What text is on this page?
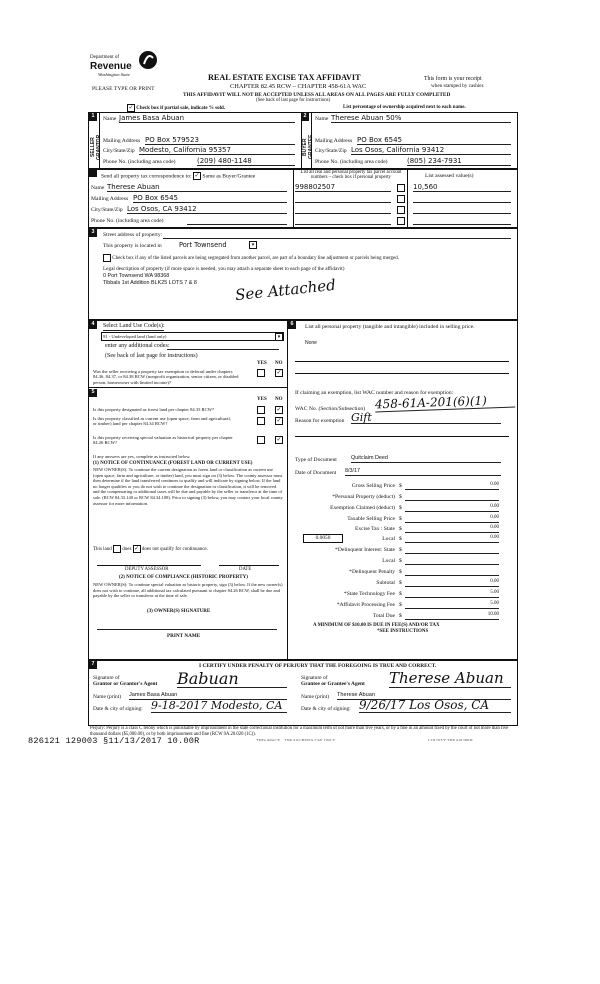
Department of
Revenue
Washington State
PLEASE TYPE OR PRINT
REAL ESTATE EXCISE TAX AFFIDAVIT
CHAPTER 82.45 RCW – CHAPTER 458-61A WAC
THIS AFFIDAVIT WILL NOT BE ACCEPTED UNLESS ALL AREAS ON ALL PAGES ARE FULLY COMPLETED
(See back of last page for instructions)
This form is your receipt
when stamped by cashier.
✓ Check box if partial sale, indicate % sold.	List percentage of ownership acquired next to each name.
1	2
SELLER GRANTOR	BUYER GRANTEE
Name James Basa Abuan
Mailing Address PO Box 579523
City/State/Zip Modesto, California 95357
Phone No. (including area code)	(209) 480-1148
Name Therese Abuan 50%
Mailing Address PO Box 6545
City/State/Zip Los Osos, California 93412
Phone No. (including area code)	(805) 234-7931
Send all property tax correspondence to: ✓ Same as Buyer/Grantee
Name Therese Abuan
Mailing Address PO Box 6545
City/State/Zip Los Osos, CA 93412
Phone No. (including area code)
List all real and personal property tax parcel account numbers – check box if personal property	List assessed value(s)
998802507	10,560
3	Street address of property:
This property is located in	Port Townsend	▾
Check box if any of the listed parcels are being segregated from another parcel, are part of a boundary line adjustment or parcels being merged.
Legal description of property (if more space is needed, you may attach a separate sheet to each page of the affidavit)
0 Port Townsend WA 98368
Tibbals 1st Addition BLK25 LOTS 7 & 8 See Attached
4	Select Land Use Code(s):
91 - Undeveloped land (land only)	▾
enter any additional codes:
(See back of last page for instructions)
YES NO
Was the seller receiving a property tax exemption or deferral under chapters 84.36, 84.37, or 84.38 RCW (nonprofit organization, senior citizen, or disabled person, homeowner with limited income)?
✓
5
YES NO
Is this property designated as forest land per chapter 84.33 RCW?	✓
Is this property classified as current use (open space, farm and agricultural, or timber) land per chapter 84.34 RCW?	✓
Is this property receiving special valuation as historical property per chapter 84.26 RCW?	✓
If any answers are yes, complete as instructed below.
(1) NOTICE OF CONTINUANCE (FOREST LAND OR CURRENT USE)
NEW OWNER(S): To continue the current designation as forest land or classification as current use (open space, farm and agriculture, or timber) land, you must sign on (3) below. The county assessor must then determine if the land transferred continues to qualify and will indicate by signing below. If the land no longer qualifies or you do not wish to continue the designation or classification, it will be removed and the compensating or additional taxes will be due and payable by the seller or transferor at the time of sale. (RCW 84.33.140 or RCW 84.34.108). Prior to signing (3) below, you may contact your local county assessor for more information.
This land does ✓ does not qualify for continuance.
DEPUTY ASSESSOR	DATE
(2) NOTICE OF COMPLIANCE (HISTORIC PROPERTY)
NEW OWNER(S): To continue special valuation as historic property, sign (3) below. If the new owner(s) does not wish to continue, all additional tax calculated pursuant to chapter 84.26 RCW, shall be due and payable by the seller or transferor at the time of sale.
(3) OWNER(S) SIGNATURE
PRINT NAME
6	List all personal property (tangible and intangible) included in selling price.
None
If claiming an exemption, list WAC number and reason for exemption:
WAC No. (Section/Subsection) 458-61A-201(6)(1)
Reason for exemption Gift
Type of Document	Quitclaim Deed
Date of Document 8/3/17
Gross Selling Price $	0.00
*Personal Property (deduct) $
Exemption Claimed (deduct) $	0.00
Taxable Selling Price $	0.00
Excise Tax : State $	0.00
0.0050	Local $	0.00
*Delinquent Interest: State $
Local $
*Delinquent Penalty $
Subtotal $	0.00
*State Technology Fee $	5.00
*Affidavit Processing Fee $	5.00
Total Due $	10.00
A MINIMUM OF $10.00 IS DUE IN FEE(S) AND/OR TAX
*SEE INSTRUCTIONS
7	I CERTIFY UNDER PENALTY OF PERJURY THAT THE FOREGOING IS TRUE AND CORRECT.
Signature of
Grantor or Grantor's Agent Babuan
Name (print) James Basa Abuan
Date & city of signing: 9-18-2017 Modesto, CA
Signature of
Grantee or Grantee's Agent Therese Abuan
Name (print) Therese Abuan
Date & city of signing: 9/26/17 Los Osos, CA
Perjury: Perjury is a class C felony which is punishable by imprisonment in the state correctional institution for a maximum term of not more than five years, or by a fine in an amount fixed by the court of not more than five thousand dollars ($5,000.00), or by both imprisonment and fine (RCW 9A.20.020 (1C)).
826121 129003 §11/13/2017 10.00R	THIS SPACE – TREASURER'S USE ONLY	COUNTY TREASURER
